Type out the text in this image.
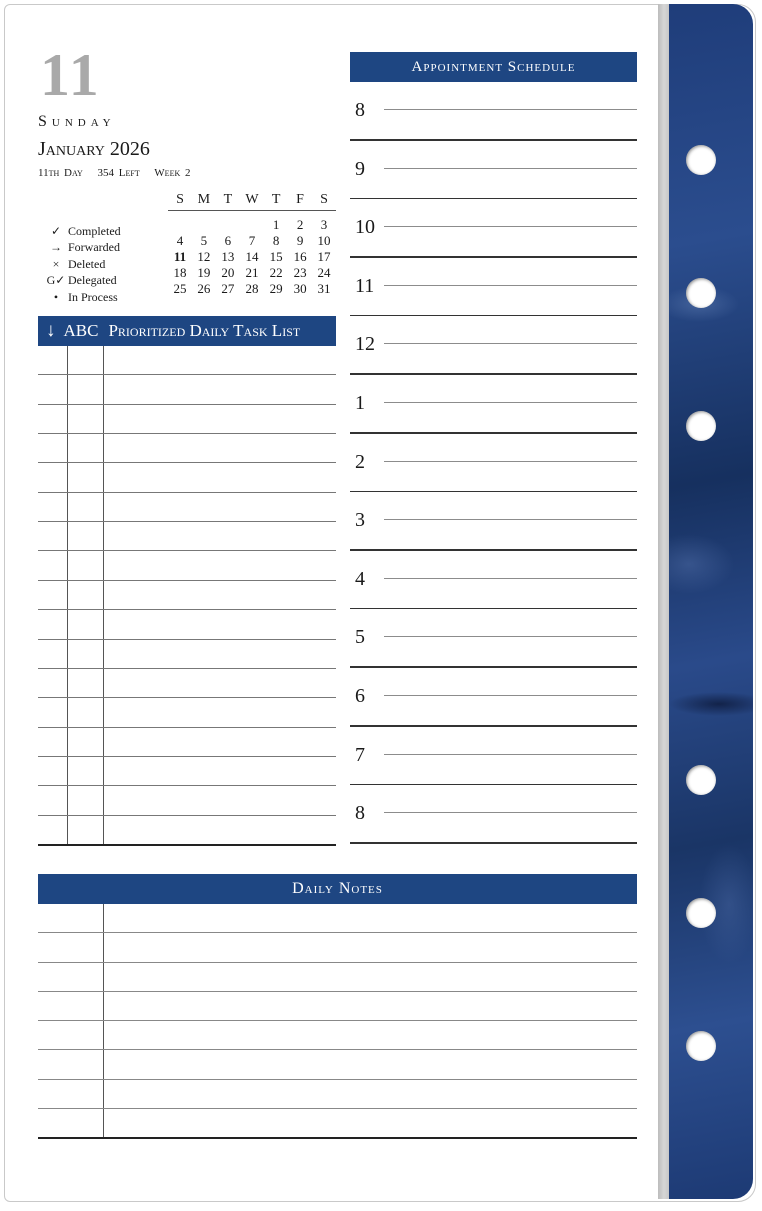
11
Sunday
January 2026
11th Day 354 Left Week 2
✓ Completed
→ Forwarded
× Deleted
G✓ Delegated
• In Process
S	M	T	W	T	F	S
				1	2	3
4	5	6	7	8	9	10
11	12	13	14	15	16	17
18	19	20	21	22	23	24
25	26	27	28	29	30	31
↓ ABC Prioritized Daily Task List
Appointment Schedule
8
9
10
11
12
1
2
3
4
5
6
7
8
Daily Notes
